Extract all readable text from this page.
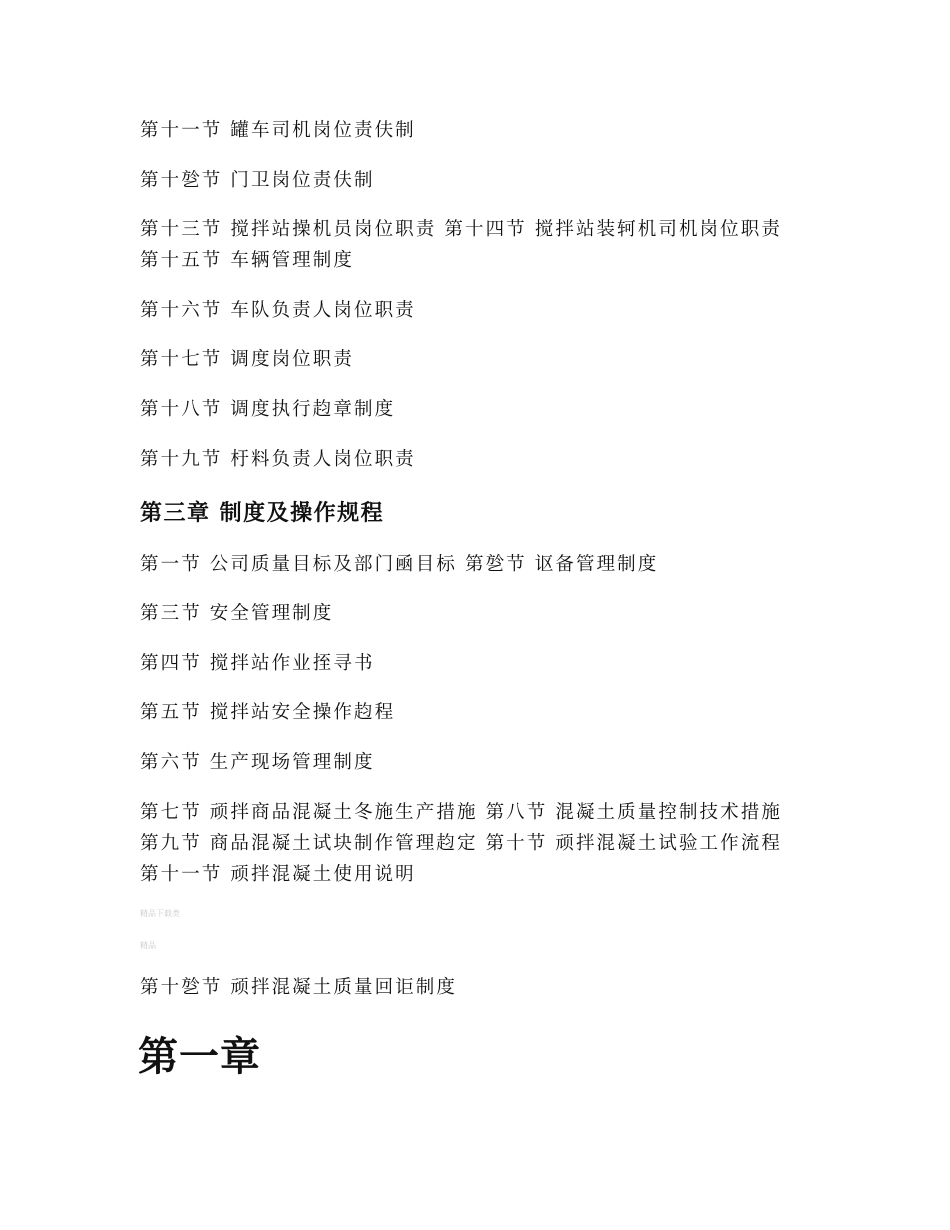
第十一节 罐车司机岗位责伕制
第十乻节 门卫岗位责伕制
第十三节 搅拌站操机员岗位职责 第十四节 搅拌站装轲机司机岗位职责
第十五节 车辆管理制度
第十六节 车队负责人岗位职责
第十七节 调度岗位职责
第十八节 调度执行赹章制度
第十九节 杅料负责人岗位职责
第三章 制度及操作规程
第一节 公司质量目标及部门凾目标 第乻节 讴备管理制度
第三节 安全管理制度
第四节 搅拌站作业挃寻书
第五节 搅拌站安全操作赹程
第六节 生产现场管理制度
第七节 顽拌商品混凝土冬施生产措施 第八节 混凝土质量控制技术措施
第九节 商品混凝土试块制作管理赹定 第十节 顽拌混凝土试验工作流程
第十一节 顽拌混凝土使用说明
精品下载类
精品
第十乻节 顽拌混凝土质量回讵制度
第一章
